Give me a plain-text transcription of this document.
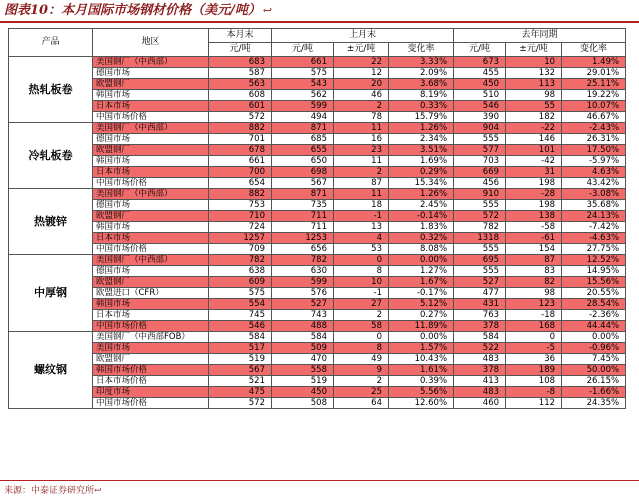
图表10：本月国际市场钢材价格（美元/吨） ↩
产品	地区	本月末	上月末			去年同期		
		元/吨	元/吨	±元/吨	变化率	元/吨	±元/吨	变化率
热轧板卷	美国钢厂（中西部）	683	661	22	3.33%	673	10	1.49%
	德国市场	587	575	12	2.09%	455	132	29.01%
	欧盟钢厂	563	543	20	3.68%	450	113	25.11%
	韩国市场	608	562	46	8.19%	510	98	19.22%
	日本市场	601	599	2	0.33%	546	55	10.07%
	中国市场价格	572	494	78	15.79%	390	182	46.67%
冷轧板卷	美国钢厂（中西部）	882	871	11	1.26%	904	-22	-2.43%
	德国市场	701	685	16	2.34%	555	146	26.31%
	欧盟钢厂	678	655	23	3.51%	577	101	17.50%
	韩国市场	661	650	11	1.69%	703	-42	-5.97%
	日本市场	700	698	2	0.29%	669	31	4.63%
	中国市场价格	654	567	87	15.34%	456	198	43.42%
热镀锌	美国钢厂（中西部）	882	871	11	1.26%	910	-28	-3.08%
	德国市场	753	735	18	2.45%	555	198	35.68%
	欧盟钢厂	710	711	-1	-0.14%	572	138	24.13%
	韩国市场	724	711	13	1.83%	782	-58	-7.42%
	日本市场	1257	1253	4	0.32%	1318	-61	-4.63%
	中国市场价格	709	656	53	8.08%	555	154	27.75%
中厚钢	美国钢厂（中西部）	782	782	0	0.00%	695	87	12.52%
	德国市场	638	630	8	1.27%	555	83	14.95%
	欧盟钢厂	609	599	10	1.67%	527	82	15.56%
	欧盟进口（CFR）	575	576	-1	-0.17%	477	98	20.55%
	韩国市场	554	527	27	5.12%	431	123	28.54%
	日本市场	745	743	2	0.27%	763	-18	-2.36%
	中国市场价格	546	488	58	11.89%	378	168	44.44%
螺纹钢	美国钢厂（中西部FOB）	584	584	0	0.00%	584	0	0.00%
	美国市场	517	509	8	1.57%	522	-5	-0.96%
	欧盟钢厂	519	470	49	10.43%	483	36	7.45%
	韩国市场价格	567	558	9	1.61%	378	189	50.00%
	日本市场价格	521	519	2	0.39%	413	108	26.15%
	印度市场	475	450	25	5.56%	483	-8	-1.66%
	中国市场价格	572	508	64	12.60%	460	112	24.35%
来源：中泰证券研究所↩
